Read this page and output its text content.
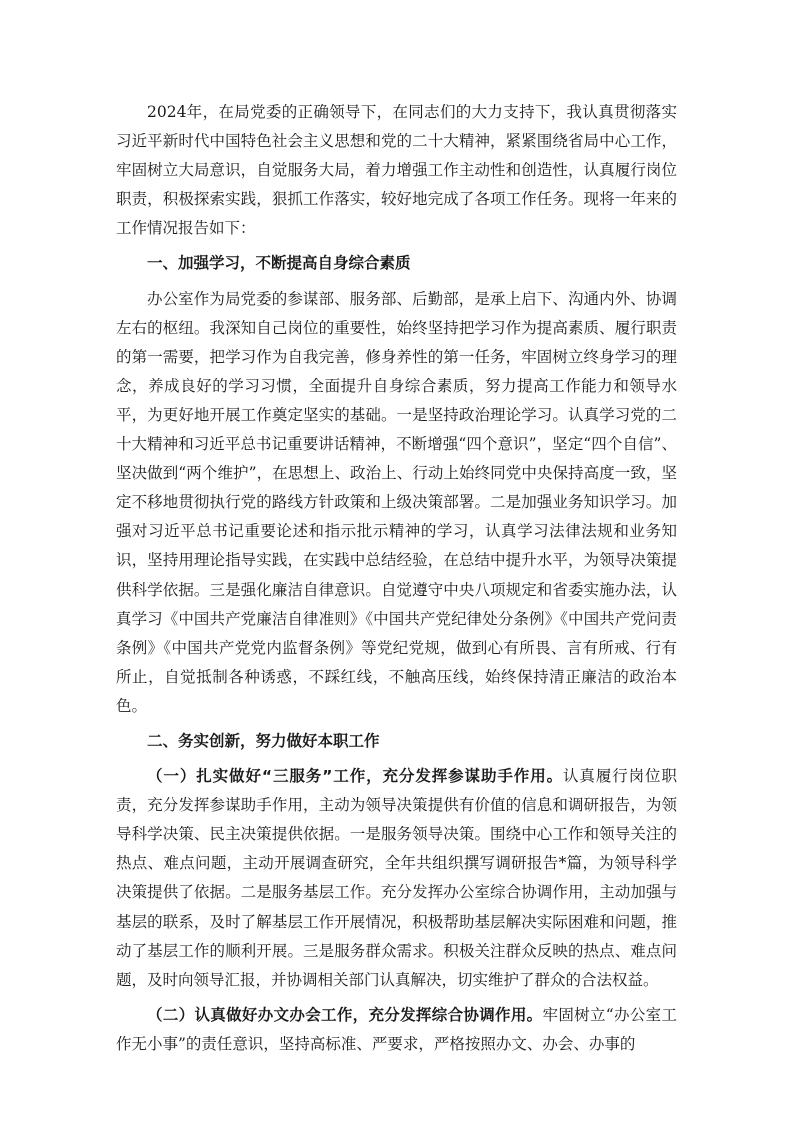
2024年，在局党委的正确领导下，在同志们的大力支持下，我认真贯彻落实习近平新时代中国特色社会主义思想和党的二十大精神，紧紧围绕省局中心工作，牢固树立大局意识，自觉服务大局，着力增强工作主动性和创造性，认真履行岗位职责，积极探索实践，狠抓工作落实，较好地完成了各项工作任务。现将一年来的工作情况报告如下：

一、加强学习，不断提高自身综合素质

办公室作为局党委的参谋部、服务部、后勤部，是承上启下、沟通内外、协调左右的枢纽。我深知自己岗位的重要性，始终坚持把学习作为提高素质、履行职责的第一需要，把学习作为自我完善，修身养性的第一任务，牢固树立终身学习的理念，养成良好的学习习惯，全面提升自身综合素质，努力提高工作能力和领导水平，为更好地开展工作奠定坚实的基础。一是坚持政治理论学习。认真学习党的二十大精神和习近平总书记重要讲话精神，不断增强“四个意识”，坚定“四个自信”、坚决做到“两个维护”，在思想上、政治上、行动上始终同党中央保持高度一致，坚定不移地贯彻执行党的路线方针政策和上级决策部署。二是加强业务知识学习。加强对习近平总书记重要论述和指示批示精神的学习，认真学习法律法规和业务知识，坚持用理论指导实践，在实践中总结经验，在总结中提升水平，为领导决策提供科学依据。三是强化廉洁自律意识。自觉遵守中央八项规定和省委实施办法，认真学习《中国共产党廉洁自律准则》《中国共产党纪律处分条例》《中国共产党问责条例》《中国共产党党内监督条例》等党纪党规，做到心有所畏、言有所戒、行有所止，自觉抵制各种诱惑，不踩红线，不触高压线，始终保持清正廉洁的政治本色。

二、务实创新，努力做好本职工作

（一）扎实做好“三服务”工作，充分发挥参谋助手作用。认真履行岗位职责，充分发挥参谋助手作用，主动为领导决策提供有价值的信息和调研报告，为领导科学决策、民主决策提供依据。一是服务领导决策。围绕中心工作和领导关注的热点、难点问题，主动开展调查研究，全年共组织撰写调研报告*篇，为领导科学决策提供了依据。二是服务基层工作。充分发挥办公室综合协调作用，主动加强与基层的联系，及时了解基层工作开展情况，积极帮助基层解决实际困难和问题，推动了基层工作的顺利开展。三是服务群众需求。积极关注群众反映的热点、难点问题，及时向领导汇报，并协调相关部门认真解决，切实维护了群众的合法权益。

（二）认真做好办文办会工作，充分发挥综合协调作用。牢固树立“办公室工作无小事”的责任意识，坚持高标准、严要求，严格按照办文、办会、办事的
